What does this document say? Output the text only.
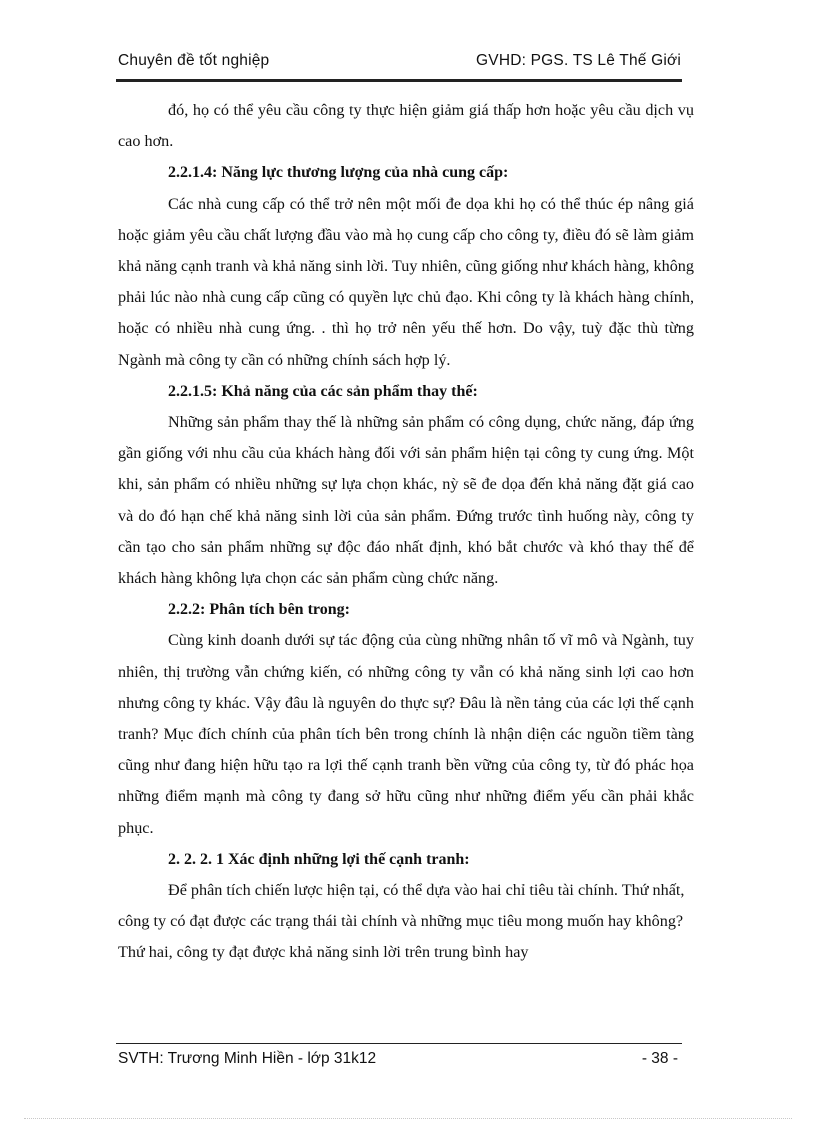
Chuyên đề tốt nghiệp	GVHD: PGS. TS Lê Thế Giới

đó, họ có thể yêu cầu công ty thực hiện giảm giá thấp hơn hoặc yêu cầu dịch vụ cao hơn.

2.2.1.4: Năng lực thương lượng của nhà cung cấp:

Các nhà cung cấp có thể trở nên một mối đe dọa khi họ có thể thúc ép nâng giá hoặc giảm yêu cầu chất lượng đầu vào mà họ cung cấp cho công ty, điều đó sẽ làm giảm khả năng cạnh tranh và khả năng sinh lời. Tuy nhiên, cũng giống như khách hàng, không phải lúc nào nhà cung cấp cũng có quyền lực chủ đạo. Khi công ty là khách hàng chính, hoặc có nhiều nhà cung ứng. . thì họ trở nên yếu thế hơn. Do vậy, tuỳ đặc thù từng Ngành mà công ty cần có những chính sách hợp lý.

2.2.1.5: Khả năng của các sản phẩm thay thế:

Những sản phẩm thay thế là những sản phẩm có công dụng, chức năng, đáp ứng gần giống với nhu cầu của khách hàng đối với sản phẩm hiện tại công ty cung ứng. Một khi, sản phẩm có nhiều những sự lựa chọn khác, nỳ sẽ đe dọa đến khả năng đặt giá cao và do đó hạn chế khả năng sinh lời của sản phẩm. Đứng trước tình huống này, công ty cần tạo cho sản phẩm những sự độc đáo nhất định, khó bắt chước và khó thay thế để khách hàng không lựa chọn các sản phẩm cùng chức năng.

2.2.2: Phân tích bên trong:

Cùng kinh doanh dưới sự tác động của cùng những nhân tố vĩ mô và Ngành, tuy nhiên, thị trường vẫn chứng kiến, có những công ty vẫn có khả năng sinh lợi cao hơn nhưng công ty khác. Vậy đâu là nguyên do thực sự? Đâu là nền tảng của các lợi thế cạnh tranh? Mục đích chính của phân tích bên trong chính là nhận diện các nguồn tiềm tàng cũng như đang hiện hữu tạo ra lợi thế cạnh tranh bền vững của công ty, từ đó phác họa những điểm mạnh mà công ty đang sở hữu cũng như những điểm yếu cần phải khắc phục.

2. 2. 2. 1 Xác định những lợi thế cạnh tranh:

Để phân tích chiến lược hiện tại, có thể dựa vào hai chỉ tiêu tài chính. Thứ nhất, công ty có đạt được các trạng thái tài chính và những mục tiêu mong muốn hay không? Thứ hai, công ty đạt được khả năng sinh lời trên trung bình hay

SVTH: Trương Minh Hiền - lớp 31k12	- 38 -
